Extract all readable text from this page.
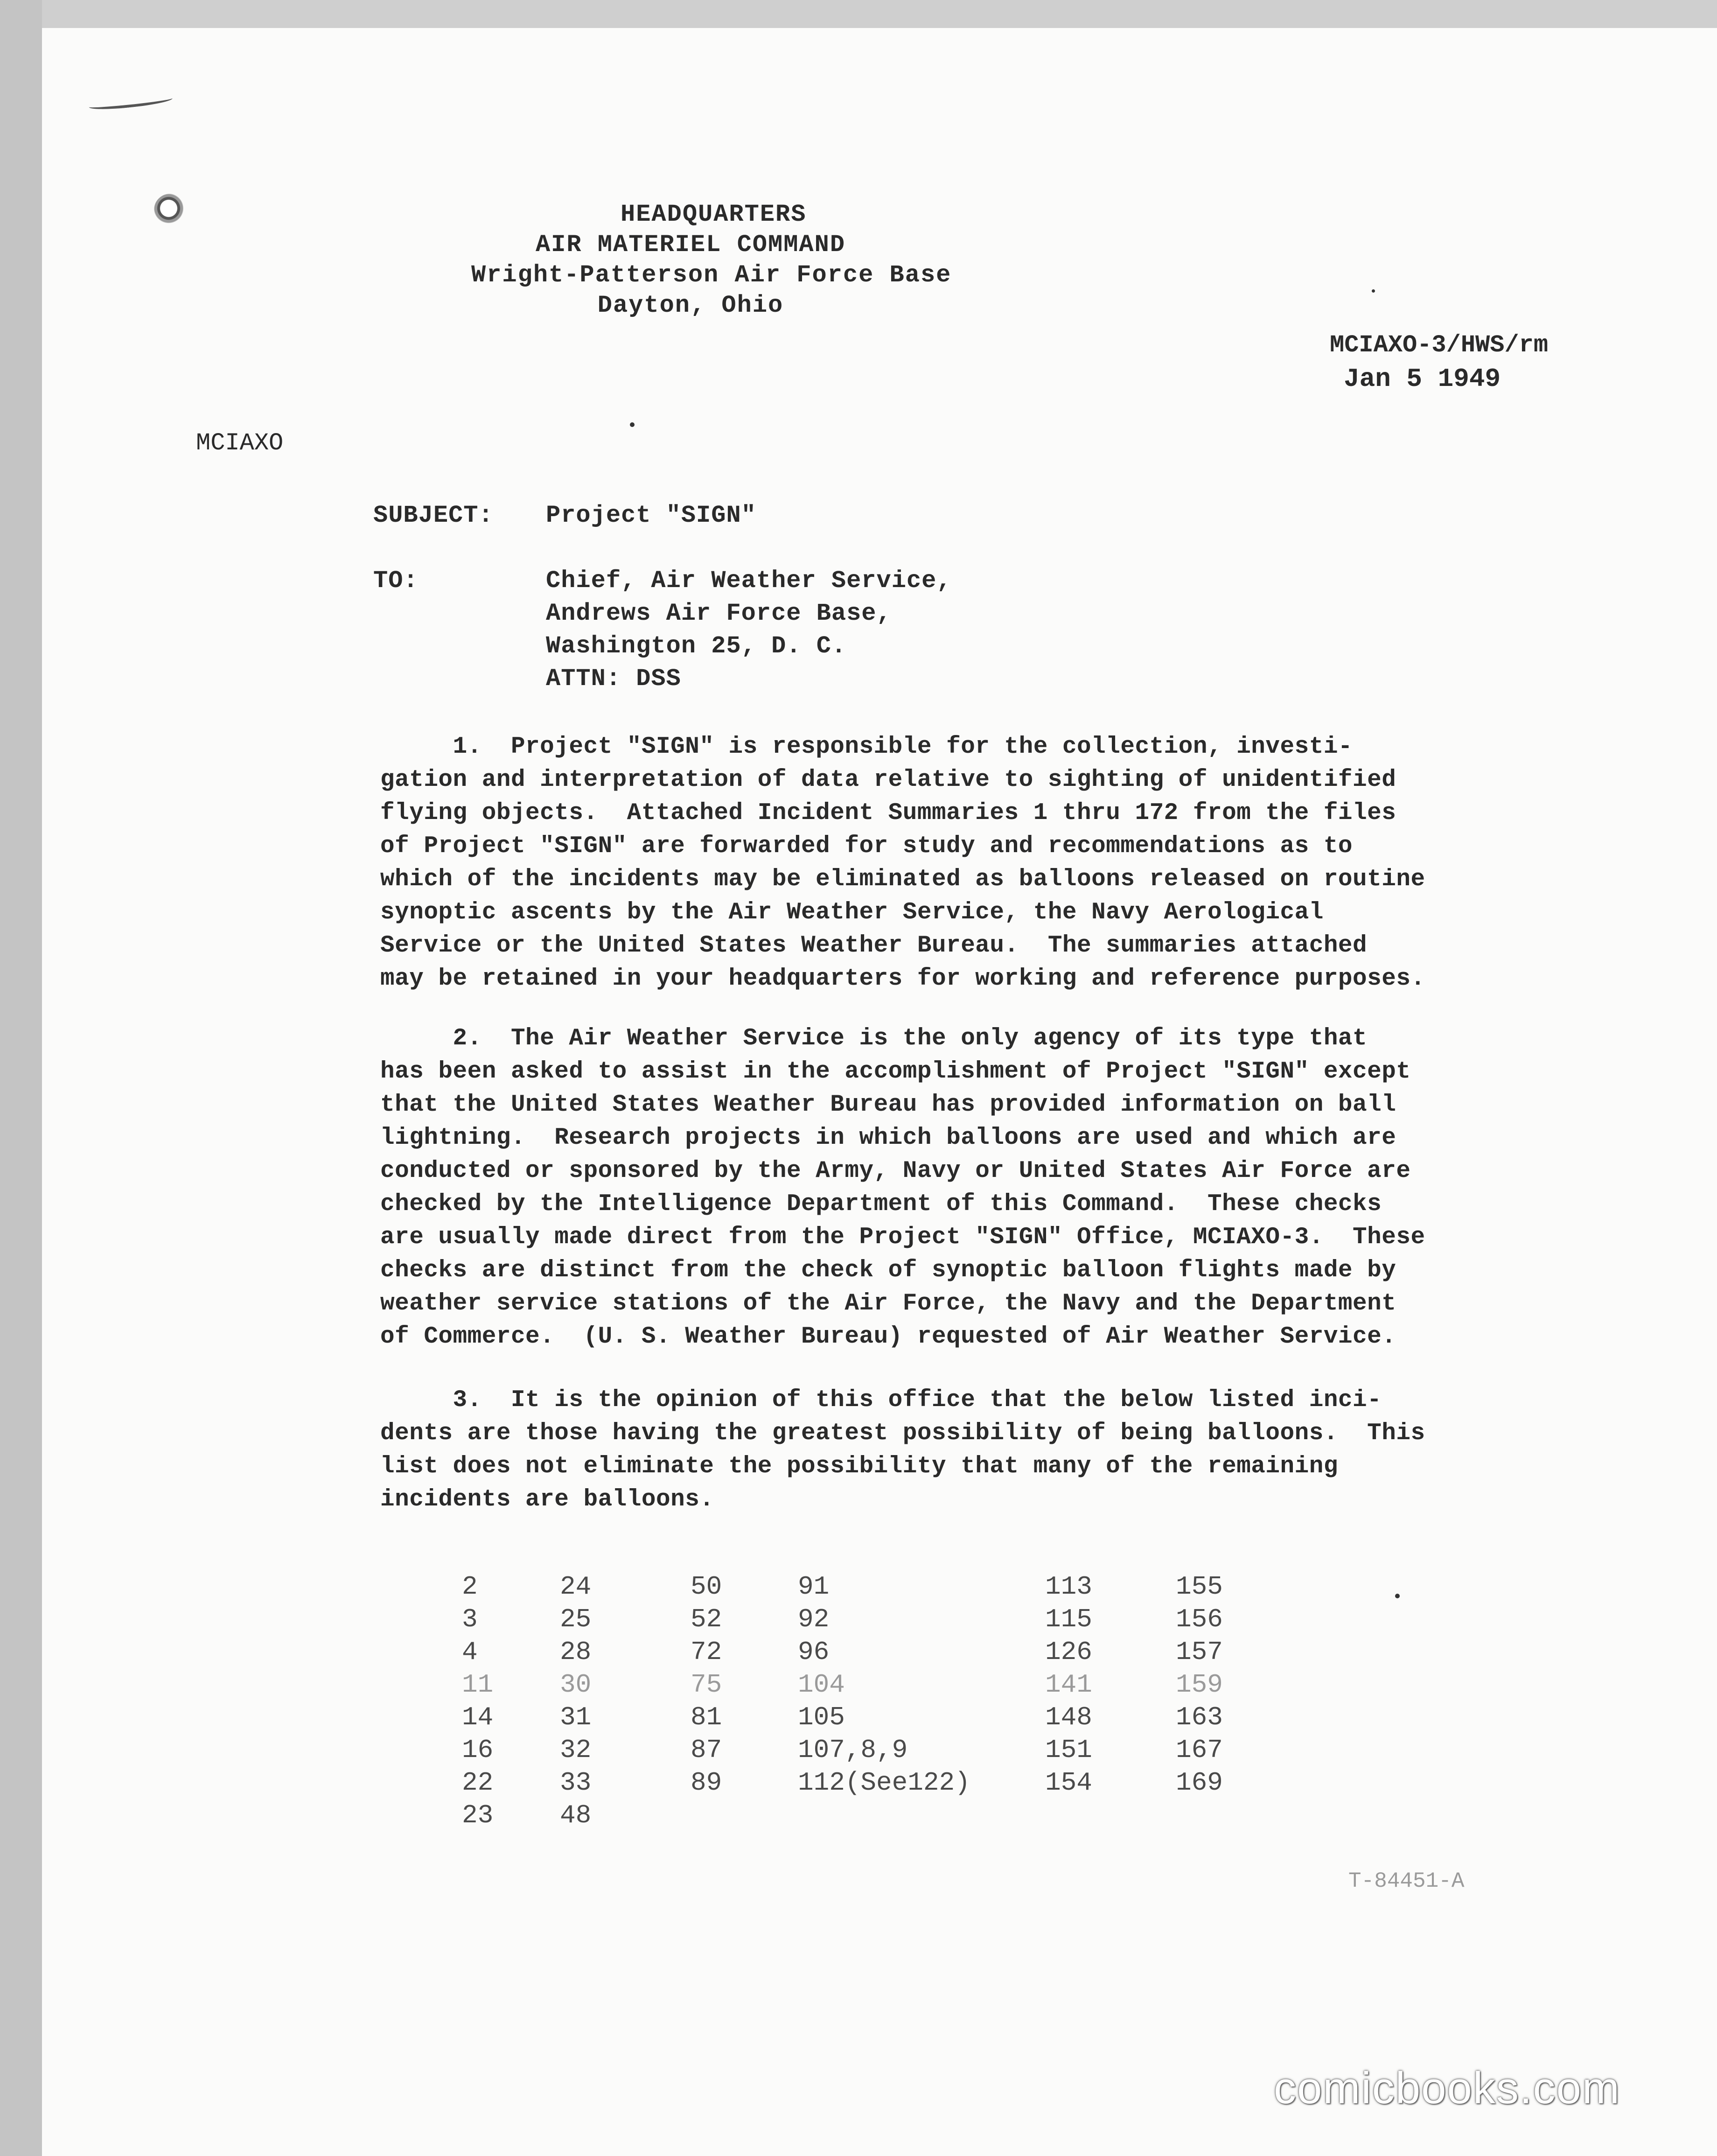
HEADQUARTERS
AIR MATERIEL COMMAND
Wright-Patterson Air Force Base
Dayton, Ohio
MCIAXO-3/HWS/rm
Jan 5 1949
MCIAXO
SUBJECT: Project "SIGN"
TO:	Chief, Air Weather Service,
Andrews Air Force Base,
Washington 25, D. C.
ATTN: DSS
1.  Project "SIGN" is responsible for the collection, investi-
gation and interpretation of data relative to sighting of unidentified
flying objects.  Attached Incident Summaries 1 thru 172 from the files
of Project "SIGN" are forwarded for study and recommendations as to
which of the incidents may be eliminated as balloons released on routine
synoptic ascents by the Air Weather Service, the Navy Aerological
Service or the United States Weather Bureau.  The summaries attached
may be retained in your headquarters for working and reference purposes.
2.  The Air Weather Service is the only agency of its type that
has been asked to assist in the accomplishment of Project "SIGN" except
that the United States Weather Bureau has provided information on ball
lightning.  Research projects in which balloons are used and which are
conducted or sponsored by the Army, Navy or United States Air Force are
checked by the Intelligence Department of this Command.  These checks
are usually made direct from the Project "SIGN" Office, MCIAXO-3.  These
checks are distinct from the check of synoptic balloon flights made by
weather service stations of the Air Force, the Navy and the Department
of Commerce.  (U. S. Weather Bureau) requested of Air Weather Service.
3.  It is the opinion of this office that the below listed inci-
dents are those having the greatest possibility of being balloons.  This
list does not eliminate the possibility that many of the remaining
incidents are balloons.
2
3
4
11
14
16
22
23
24
25
28
30
31
32
33
48
50
52
72
75
81
87
89
91
92
96
104
105
107,8,9
112(See122)
113
115
126
141
148
151
154
155
156
157
159
163
167
169
T-84451-A
comicbooks.com
